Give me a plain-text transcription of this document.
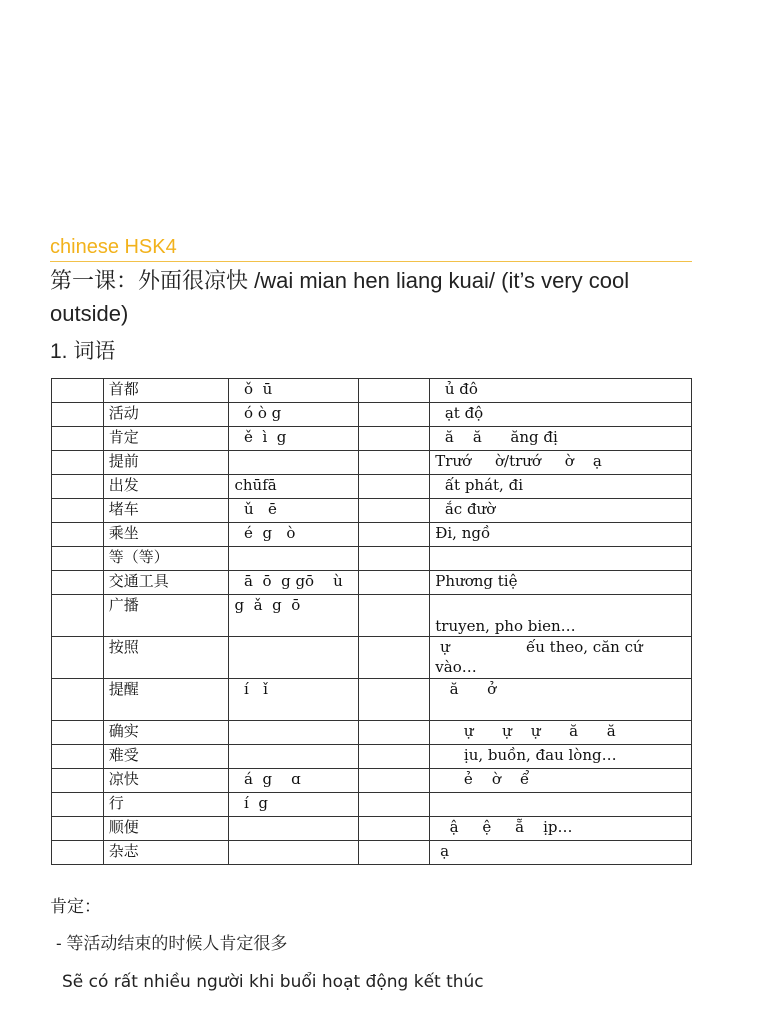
chinese HSK4

第一课：外面很凉快 /wai mian hen liang kuai/ (it’s very cool outside)

1. 词语

	首都	ǒ  ū		ủ đô
	活动	ó ò g		ạt độ
	肯定	ě  ì  g		ă    ă      ăng đị
	提前			Trướ     ờ/trướ     ờ    ạ
	出发	chūfā		ất phát, đi
	堵车	ǔ   ē		ắc đườ
	乘坐	é  g   ò		Đi, ngồ
	等（等）			
	交通工具	ā  ō  g gō    ù		Phương tiệ
	广播	g  ǎ  g  ō		truyen, pho bien…
	按照			ự                ếu theo, căn cứ
vào…
	提醒	í   ǐ		ă      ở
	确实			ự      ự    ự      ă      ă
	难受			ịu, buồn, đau lòng…
	凉快	á  g    ɑ		ẻ    ờ    ể
	行	í  g		
	顺便			ậ     ệ     ẵ    ịp…
	杂志			ạ

肯定：

- 等活动结束的时候人肯定很多

Sẽ có rất nhiều người khi buổi hoạt động kết thúc
